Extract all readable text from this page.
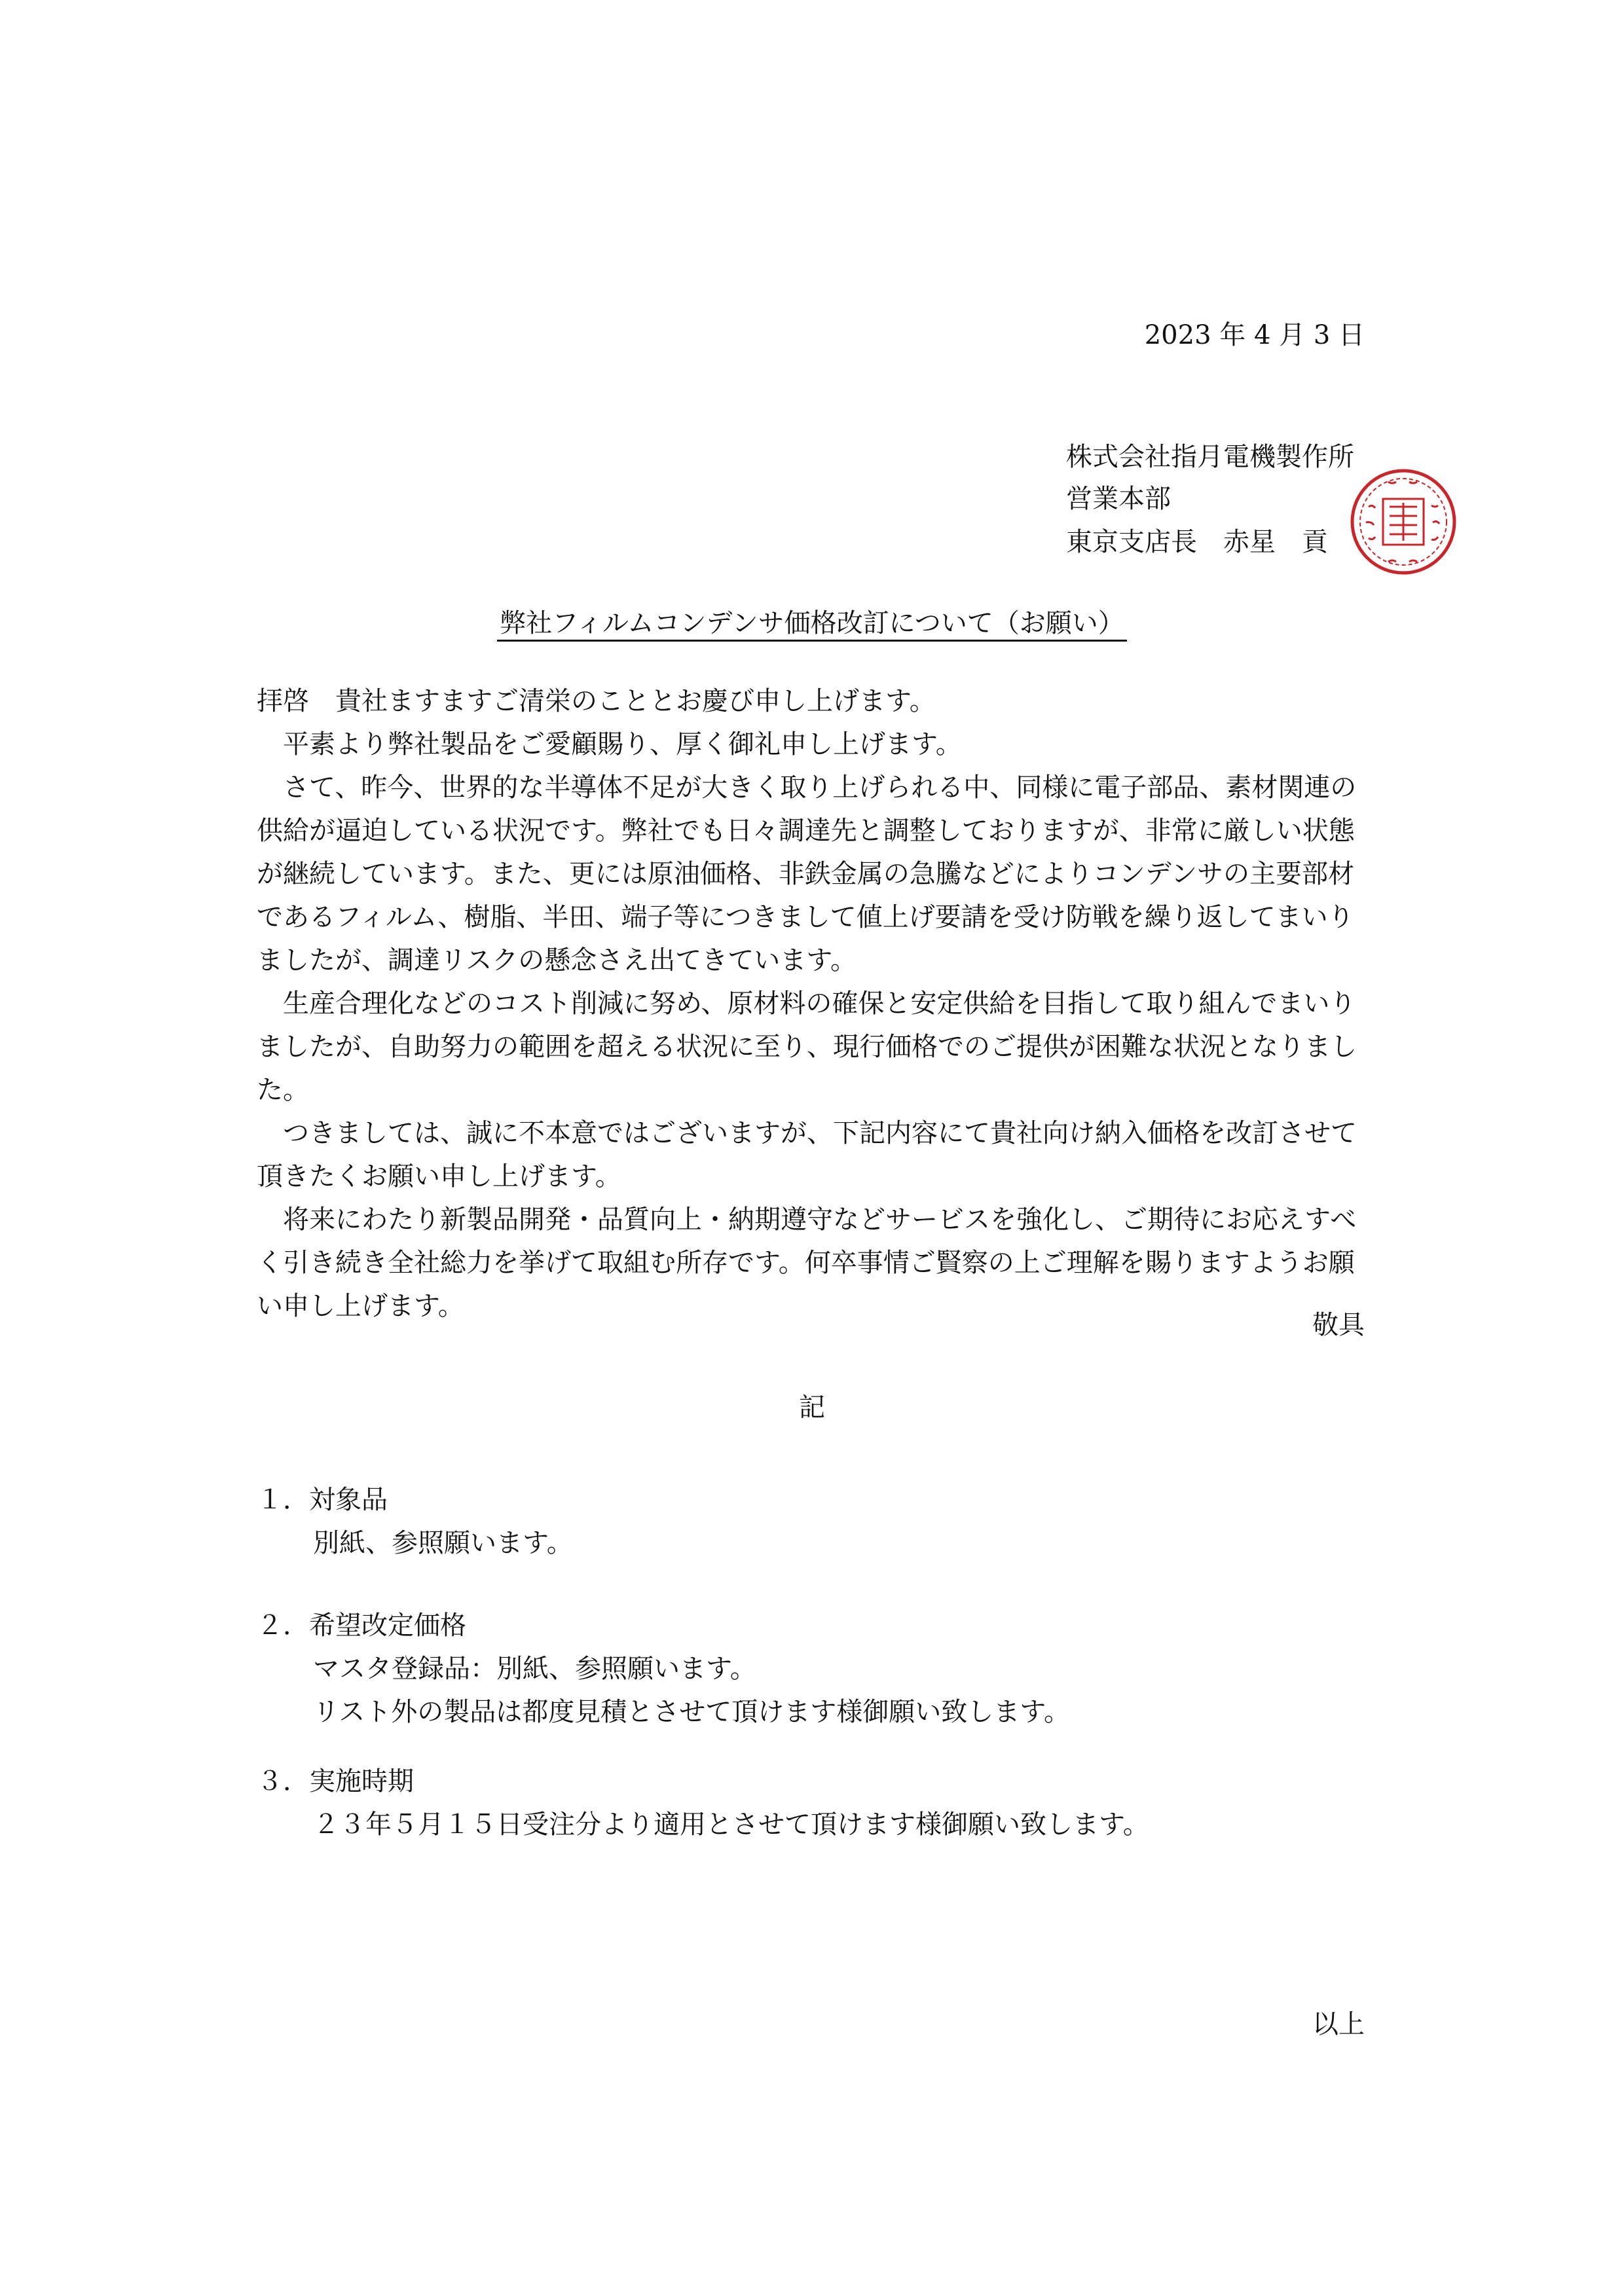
2023 年 4 月 3 日
株式会社指月電機製作所
営業本部
東京支店長　赤星　貢
弊社フィルムコンデンサ価格改訂について（お願い）

拝啓　貴社ますますご清栄のこととお慶び申し上げます。

平素より弊社製品をご愛顧賜り、厚く御礼申し上げます。

さて、昨今、世界的な半導体不足が大きく取り上げられる中、同様に電子部品、素材関連の供給が逼迫している状況です。弊社でも日々調達先と調整しておりますが、非常に厳しい状態が継続しています。また、更には原油価格、非鉄金属の急騰などによりコンデンサの主要部材であるフィルム、樹脂、半田、端子等につきまして値上げ要請を受け防戦を繰り返してまいりましたが、調達リスクの懸念さえ出てきています。

生産合理化などのコスト削減に努め、原材料の確保と安定供給を目指して取り組んでまいりましたが、自助努力の範囲を超える状況に至り、現行価格でのご提供が困難な状況となりました。

つきましては、誠に不本意ではございますが、下記内容にて貴社向け納入価格を改訂させて頂きたくお願い申し上げます。

将来にわたり新製品開発・品質向上・納期遵守などサービスを強化し、ご期待にお応えすべく引き続き全社総力を挙げて取組む所存です。何卒事情ご賢察の上ご理解を賜りますようお願い申し上げます。

敬具
記
１．対象品
別紙、参照願います。
２．希望改定価格
マスタ登録品：別紙、参照願います。
リスト外の製品は都度見積とさせて頂けます様御願い致します。
３．実施時期
２３年５月１５日受注分より適用とさせて頂けます様御願い致します。
以上
